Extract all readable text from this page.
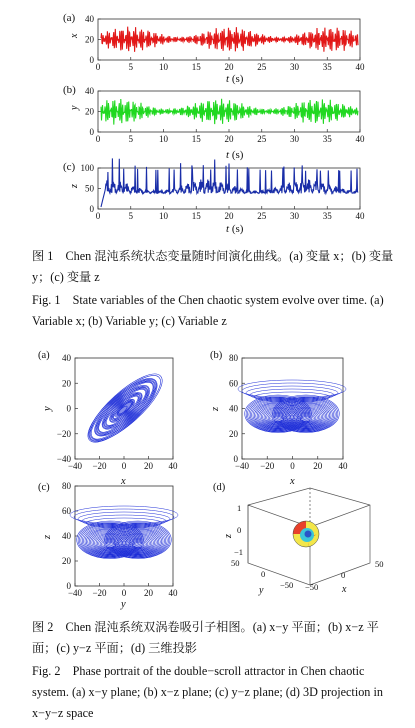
(a)
x
0
20
40
0	5	10	15	20	25	30	35	40
t (s)
(b)
y
0
20
40
0	5	10	15	20	25	30	35	40
t (s)
(c)
z
0
50
100
0	5	10	15	20	25	30	35	40
t (s)

图 1　Chen 混沌系统状态变量随时间演化曲线。(a) 变量 x；(b) 变量 y；(c) 变量 z

Fig. 1　State variables of the Chen chaotic system evolve over time. (a) Variable x; (b) Variable y; (c) Variable z

(a)
−40 −20 0 20 40
−40
−20
0
20
40
x
y
(b)
−40 −20 0 20 40
0
20
40
60
80
x
z
(c)
−40 −20 0 20 40
0
20
40
60
80
y
z
(d)
z
1
0
−1
50
0
−50 −50
0
50
y	x

图 2　Chen 混沌系统双涡卷吸引子相图。(a) x−y 平面；(b) x−z 平面；(c) y−z 平面；(d) 三维投影

Fig. 2　Phase portrait of the double−scroll attractor in Chen chaotic system. (a) x−y plane; (b) x−z plane; (c) y−z plane; (d) 3D projection in x−y−z space
